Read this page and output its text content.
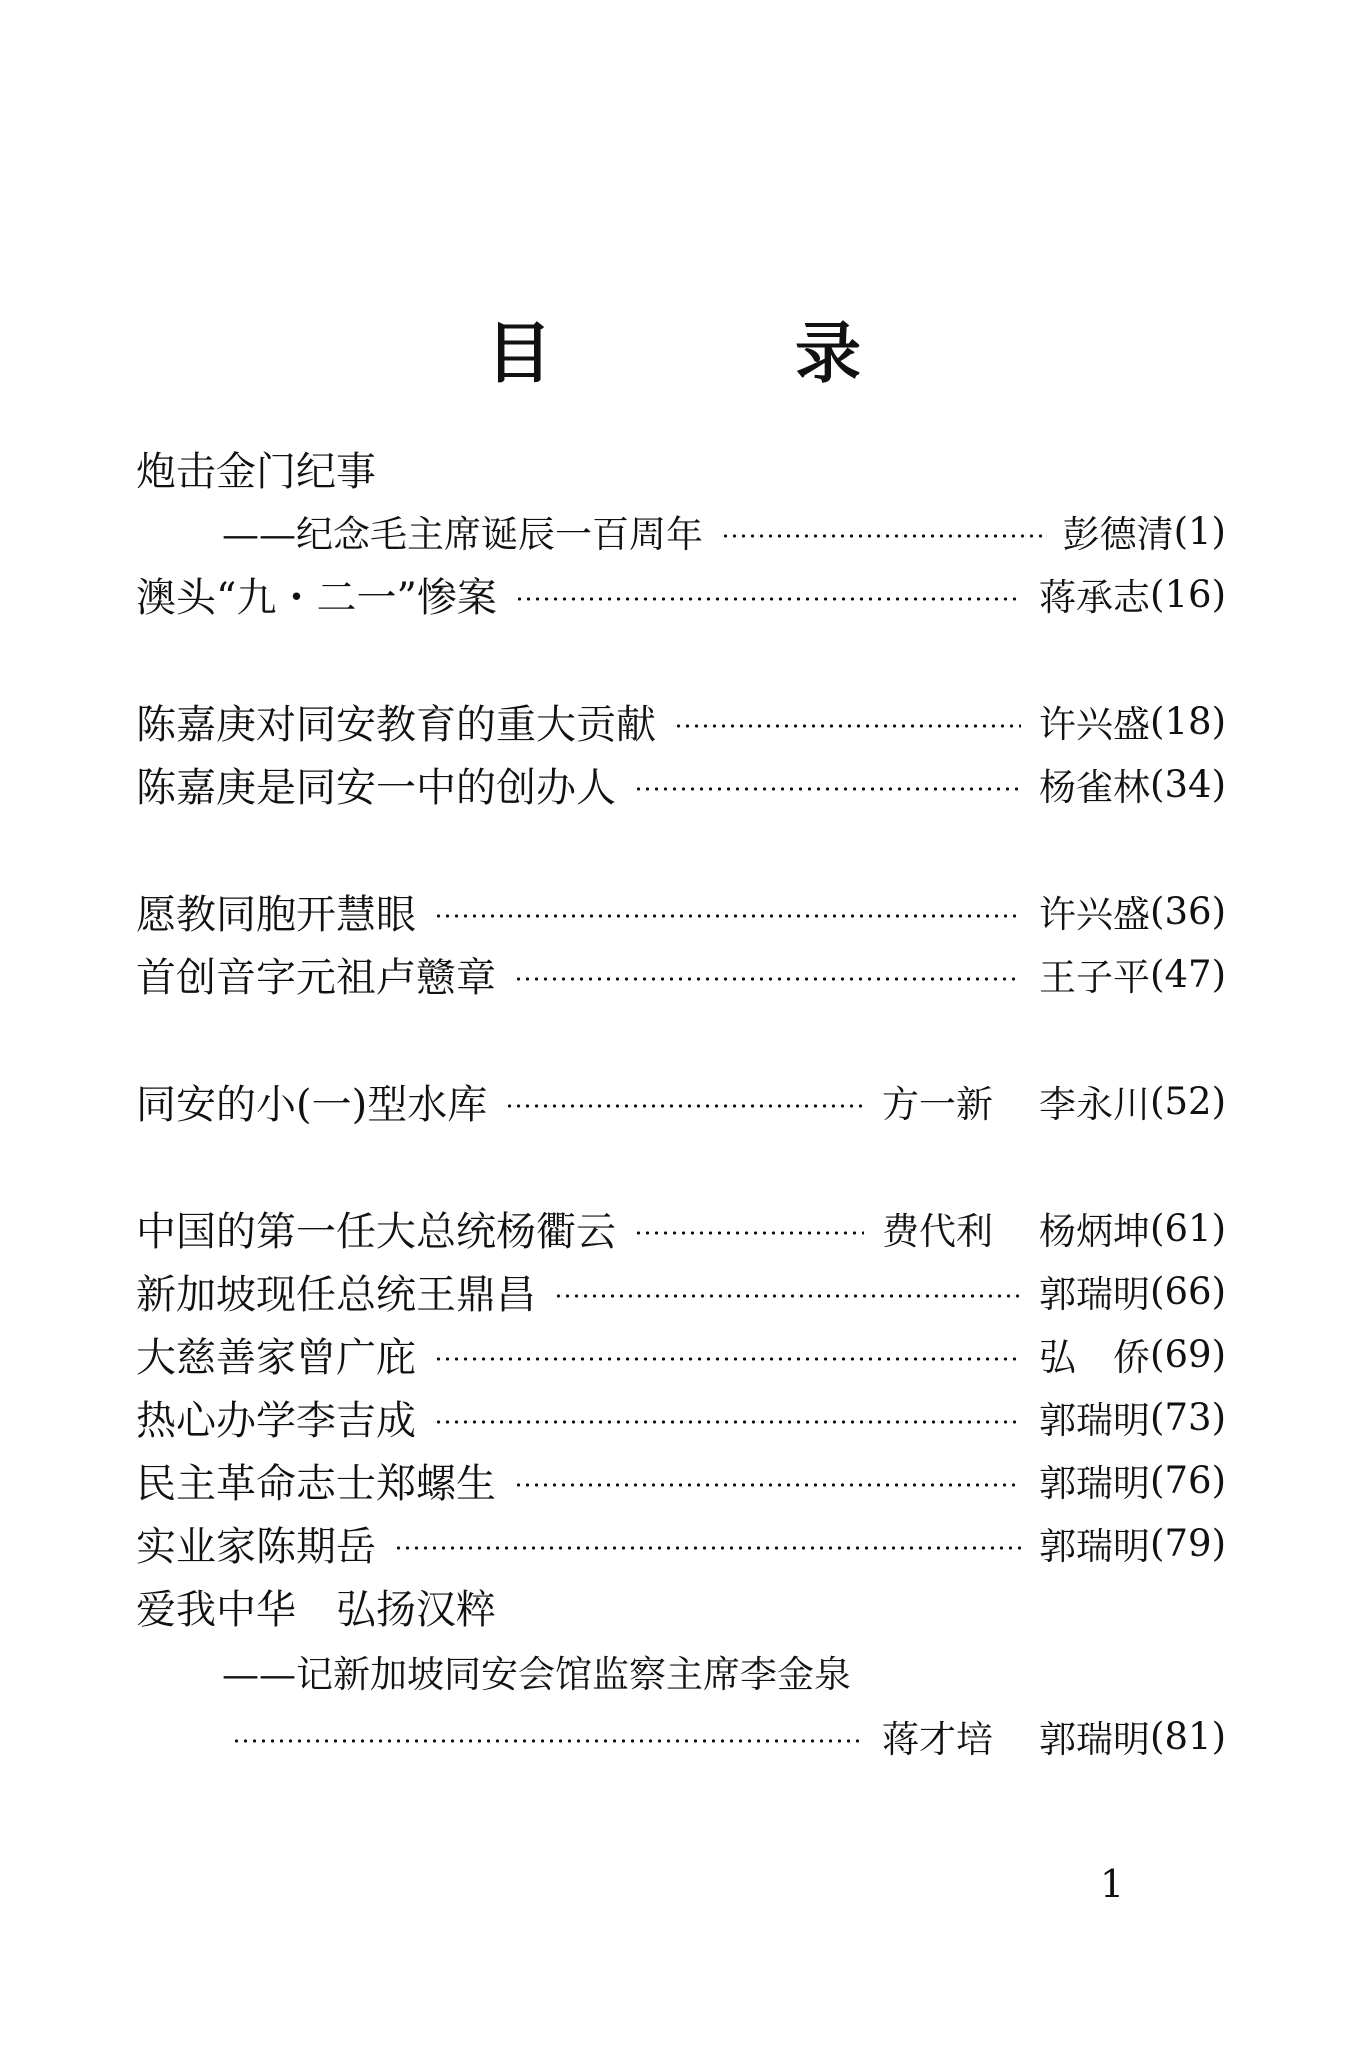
目 录
炮击金门纪事
——纪念毛主席诞辰一百周年	彭德清 (1)
澳头“九・二一”惨案	蒋承志 (16)
陈嘉庚对同安教育的重大贡献	许兴盛 (18)
陈嘉庚是同安一中的创办人	杨雀林 (34)
愿教同胞开慧眼	许兴盛 (36)
首创音字元祖卢戆章	王子平 (47)
同安的小(一)型水库	方一新 李永川 (52)
中国的第一任大总统杨衢云	费代利 杨炳坤 (61)
新加坡现任总统王鼎昌	郭瑞明 (66)
大慈善家曾广庇	弘　侨 (69)
热心办学李吉成	郭瑞明 (73)
民主革命志士郑螺生	郭瑞明 (76)
实业家陈期岳	郭瑞明 (79)
爱我中华　弘扬汉粹
——记新加坡同安会馆监察主席李金泉
蒋才培 郭瑞明 (81)
1
